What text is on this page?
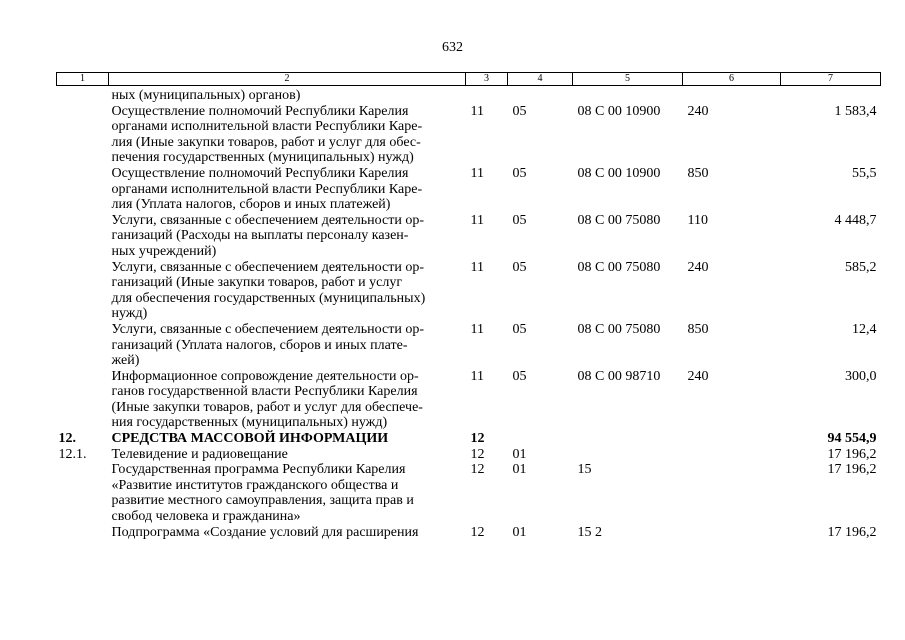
632
1	2	3	4	5	6	7

	ных (муниципальных) органов)					

	Осуществление полномочий Республики Карелия
органами исполнительной власти Республики Каре-
лия (Иные закупки товаров, работ и услуг для обес-
печения государственных (муниципальных) нужд)	11	05	08 С 00 10900	240	1 583,4

	Осуществление полномочий Республики Карелия
органами исполнительной власти Республики Каре-
лия (Уплата налогов, сборов и иных платежей)	11	05	08 С 00 10900	850	55,5

	Услуги, связанные с обеспечением деятельности ор-
ганизаций (Расходы на выплаты персоналу казен-
ных учреждений)	11	05	08 С 00 75080	110	4 448,7

	Услуги, связанные с обеспечением деятельности ор-
ганизаций (Иные закупки товаров, работ и услуг
для обеспечения государственных (муниципальных)
нужд)	11	05	08 С 00 75080	240	585,2

	Услуги, связанные с обеспечением деятельности ор-
ганизаций (Уплата налогов, сборов и иных плате-
жей)	11	05	08 С 00 75080	850	12,4

	Информационное сопровождение деятельности ор-
ганов государственной власти Республики Карелия
(Иные закупки товаров, работ и услуг для обеспече-
ния государственных (муниципальных) нужд)	11	05	08 С 00 98710	240	300,0
12.	СРЕДСТВА МАССОВОЙ ИНФОРМАЦИИ	12				94 554,9
12.1.	Телевидение и радиовещание	12	01			17 196,2

	Государственная программа Республики Карелия
«Развитие институтов гражданского общества и
развитие местного самоуправления, защита прав и
свобод человека и гражданина»	12	01	15		17 196,2

	Подпрограмма «Создание условий для расширения	12	01	15 2		17 196,2
